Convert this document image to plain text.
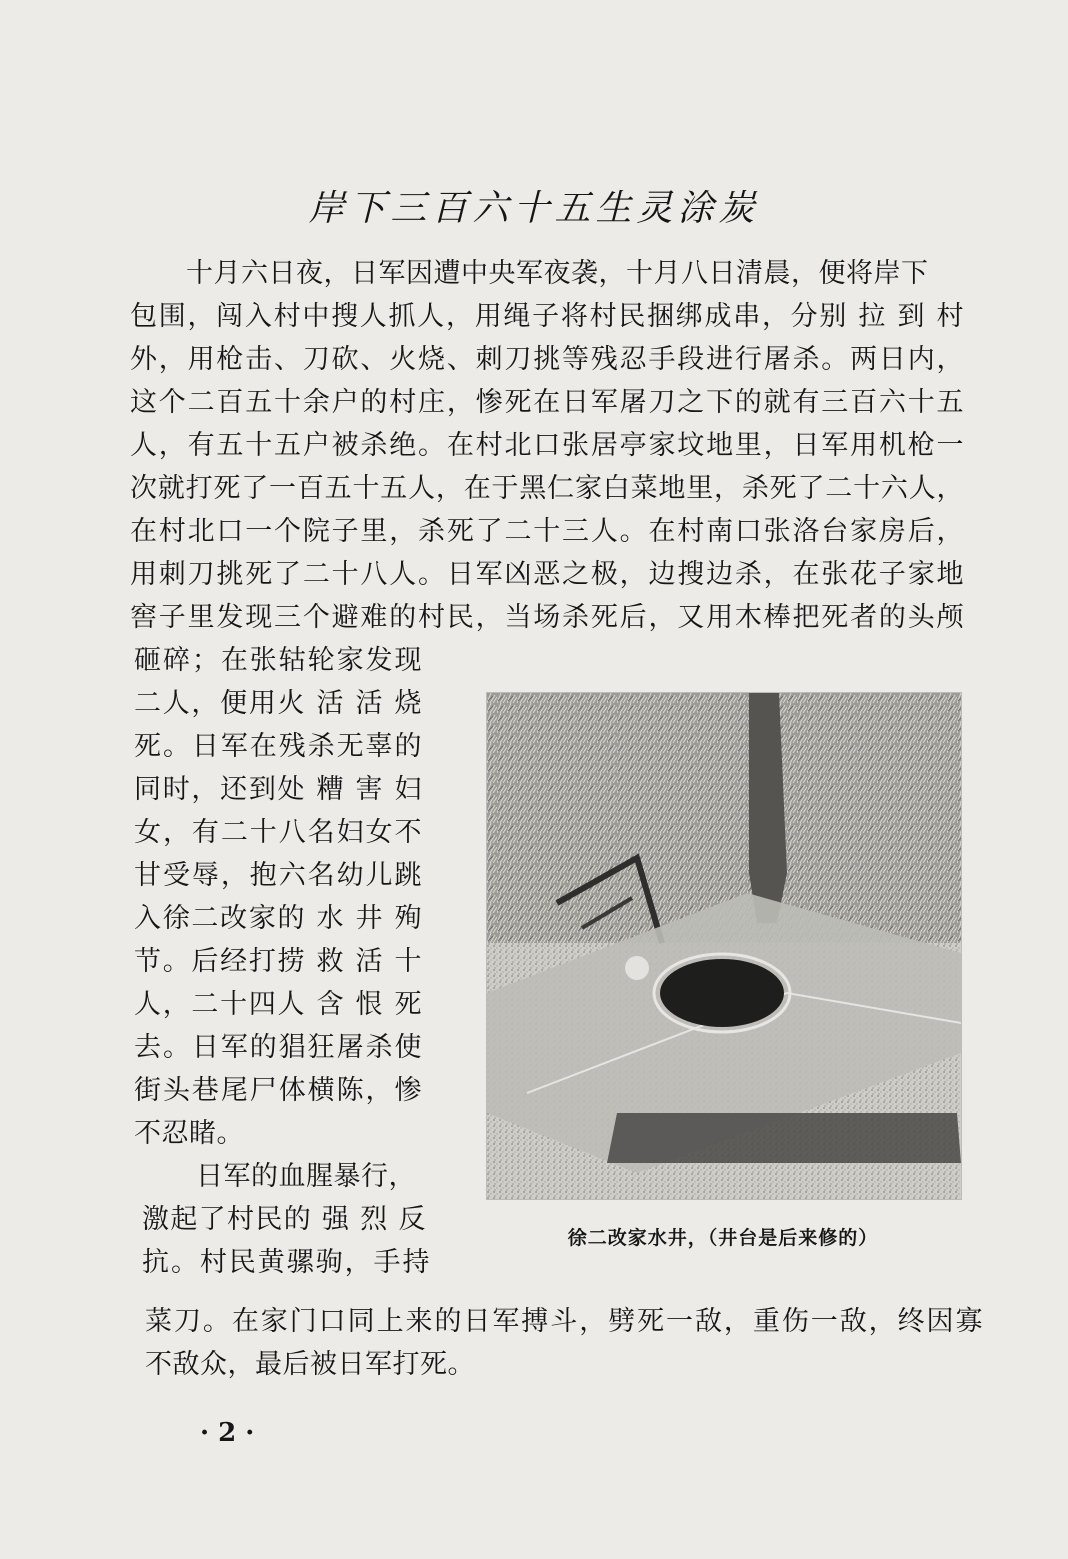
岸下三百六十五生灵涂炭
十月六日夜，日军因遭中央军夜袭，十月八日清晨，便将岸下
包围，闯入村中搜人抓人，用绳子将村民捆绑成串，分别 拉 到 村
外，用枪击、刀砍、火烧、刺刀挑等残忍手段进行屠杀。两日内，
这个二百五十余户的村庄，惨死在日军屠刀之下的就有三百六十五
人，有五十五户被杀绝。在村北口张居亭家坟地里，日军用机枪一
次就打死了一百五十五人，在于黑仁家白菜地里，杀死了二十六人，
在村北口一个院子里，杀死了二十三人。在村南口张洛台家房后，
用刺刀挑死了二十八人。日军凶恶之极，边搜边杀，在张花子家地
窖子里发现三个避难的村民，当场杀死后，又用木棒把死者的头颅
砸碎；在张轱轮家发现
二人，便用火 活 活 烧
死。日军在残杀无辜的
同时，还到处 糟 害 妇
女，有二十八名妇女不
甘受辱，抱六名幼儿跳
入徐二改家的 水 井 殉
节。后经打捞 救 活 十
人，二十四人 含 恨 死
去。日军的猖狂屠杀使
街头巷尾尸体横陈，惨
不忍睹。
日军的血腥暴行，
激起了村民的 强 烈 反
抗。村民黄骡驹，手持
徐二改家水井，（井台是后来修的）
菜刀。在家门口同上来的日军搏斗，劈死一敌，重伤一敌，终因寡
不敌众，最后被日军打死。
· 2 ·
